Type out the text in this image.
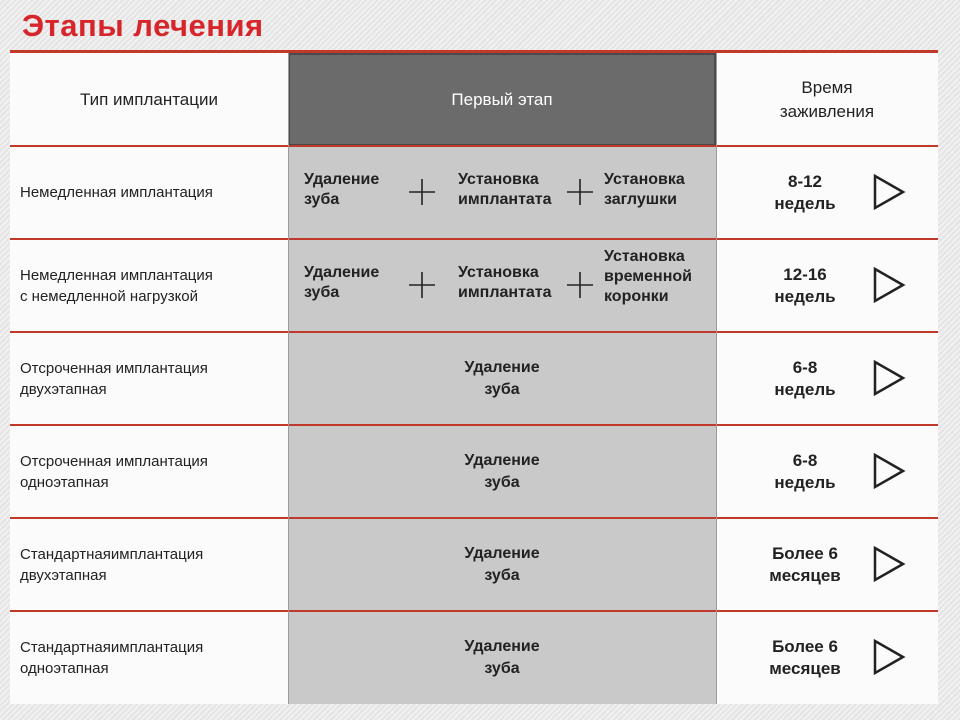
Этапы лечения
Тип имплантации	Первый этап
Время
заживления
Немедленная имплантация
Удаление
зуба
Установка
имплантата
Установка
заглушки
8-12
недель
Немедленная имплантация
с немедленной нагрузкой
Удаление
зуба
Установка
имплантата
Установка
временной
коронки
12-16
недель
Отсроченная имплантация
двухэтапная
Удаление
зуба
6-8
недель
Отсроченная имплантация
одноэтапная
Удаление
зуба
6-8
недель
Стандартнаяимплантация
двухэтапная
Удаление
зуба
Более 6
месяцев
Стандартнаяимплантация
одноэтапная
Удаление
зуба
Более 6
месяцев
